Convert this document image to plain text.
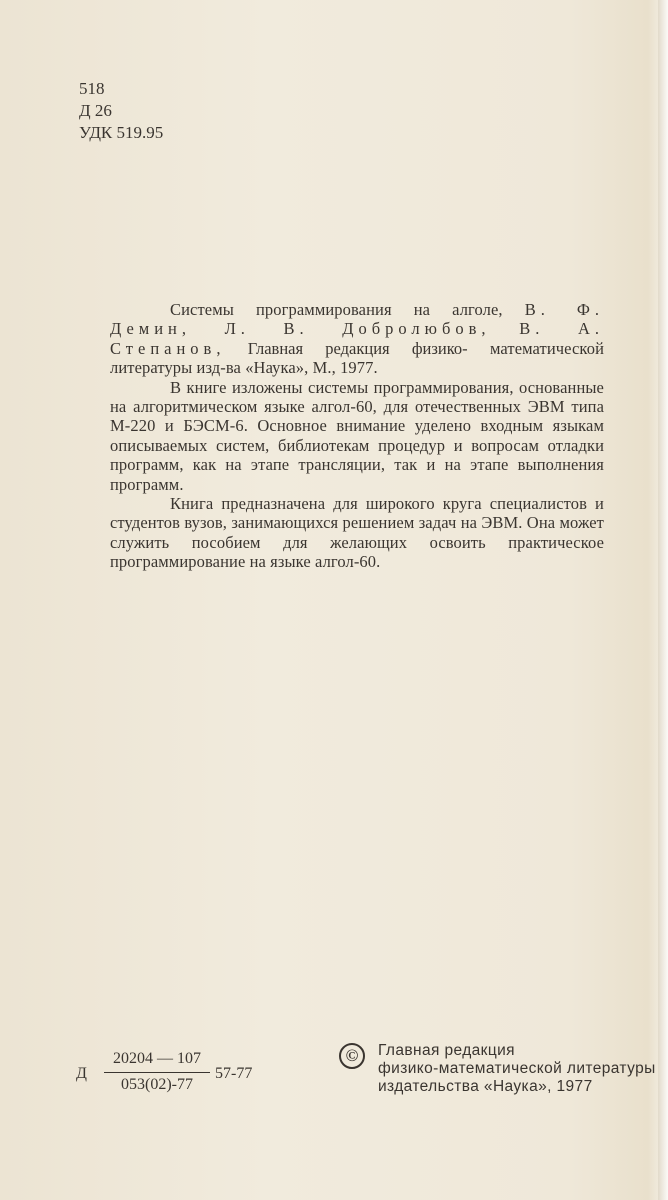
518
Д 26
УДК 519.95

Системы программирования на алголе, В. Ф. Демин, Л. В. Добролюбов, В. А. Степанов, Главная редакция физико- математической литературы изд-ва «Наука», М., 1977.

В книге изложены системы программирования, основанные на алгоритмическом языке алгол-60, для отечественных ЭВМ типа М-220 и БЭСМ-6. Основное внимание уделено входным языкам описываемых систем, библиотекам процедур и вопросам отладки программ, как на этапе трансляции, так и на этапе выполнения программ.

Книга предназначена для широкого круга специалистов и студентов вузов, занимающихся решением задач на ЭВМ. Она может служить пособием для желающих освоить практическое программирование на языке алгол-60.

Д
20204 — 107
053(02)-77
57-77
©	Главная редакция
физико-математической литературы
издательства «Наука», 1977
